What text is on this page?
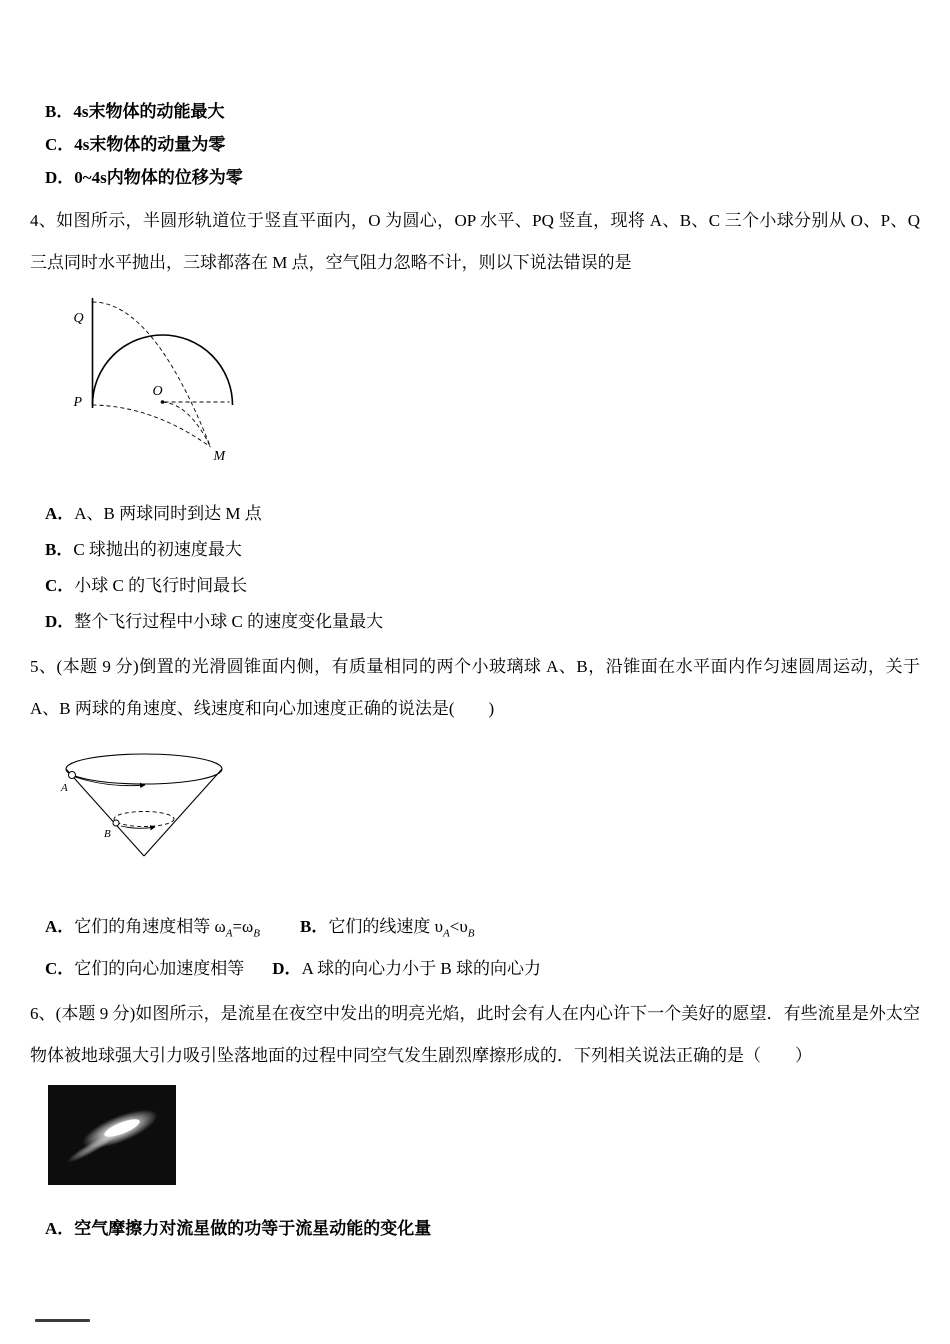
B．4s末物体的动能最大
C．4s末物体的动量为零
D．0~4s内物体的位移为零

4、如图所示，半圆形轨道位于竖直平面内，O 为圆心，OP 水平、PQ 竖直，现将 A、B、C 三个小球分别从 O、P、Q 三点同时水平抛出，三球都落在 M 点，空气阻力忽略不计，则以下说法错误的是

Q
P
O
M
A．A、B 两球同时到达 M 点
B．C 球抛出的初速度最大
C．小球 C 的飞行时间最长
D．整个飞行过程中小球 C 的速度变化量最大

5、(本题 9 分)倒置的光滑圆锥面内侧，有质量相同的两个小玻璃球 A、B，沿锥面在水平面内作匀速圆周运动，关于 A、B 两球的角速度、线速度和向心加速度正确的说法是(　　)

A
B
A．它们的角速度相等 $\omega_A=\omega_B$ B．它们的线速度 $\upsilon_A<\upsilon_B$
C．它们的向心加速度相等 D．A 球的向心力小于 B 球的向心力

6、(本题 9 分)如图所示，是流星在夜空中发出的明亮光焰，此时会有人在内心许下一个美好的愿望．有些流星是外太空物体被地球强大引力吸引坠落地面的过程中同空气发生剧烈摩擦形成的．下列相关说法正确的是（　　）

A．空气摩擦力对流星做的功等于流星动能的变化量
